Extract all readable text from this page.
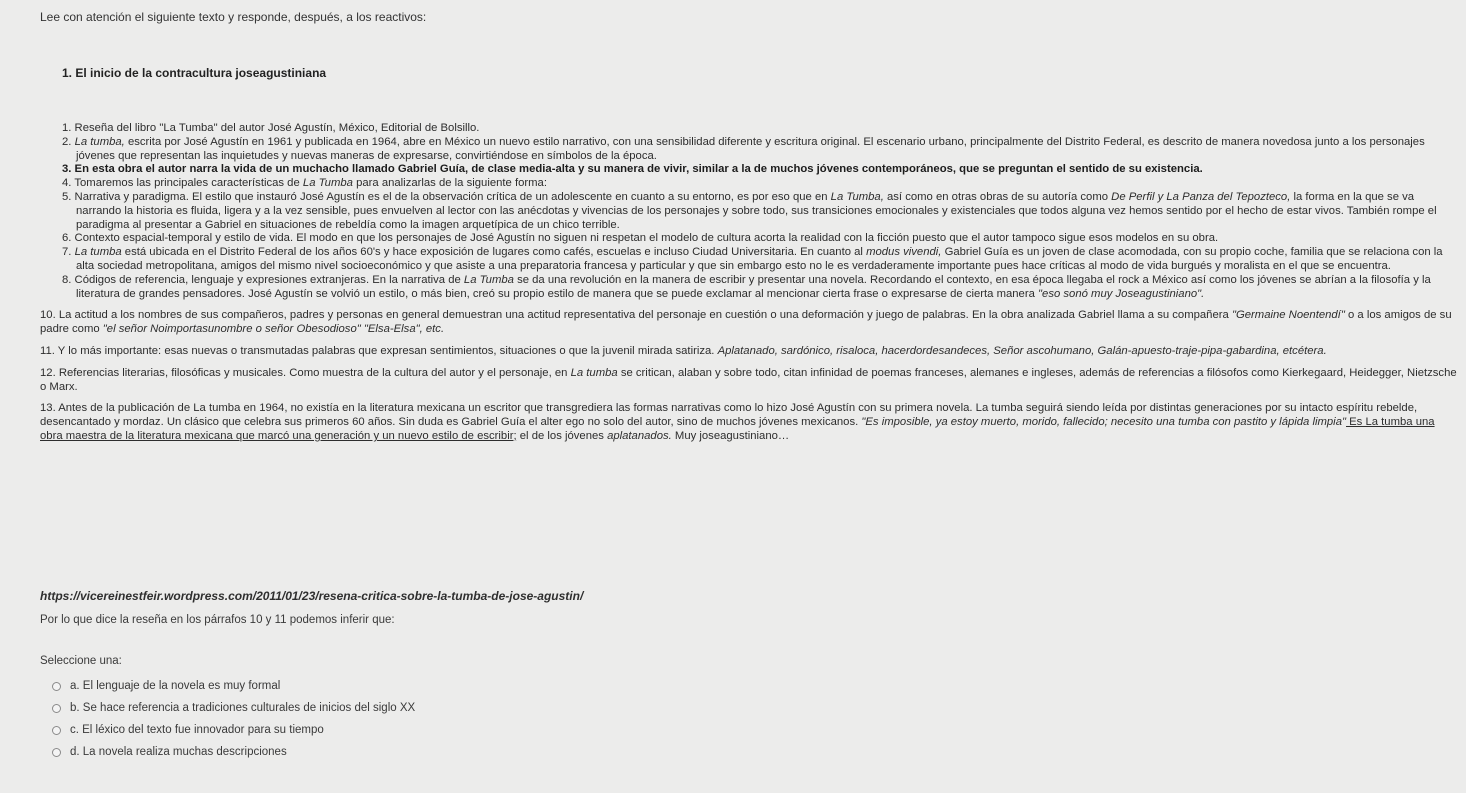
Lee con atención el siguiente texto y responde, después, a los reactivos:
1. El inicio de la contracultura joseagustiniana

1. Reseña del libro "La Tumba" del autor José Agustín, México, Editorial de Bolsillo.

2. La tumba, escrita por José Agustín en 1961 y publicada en 1964, abre en México un nuevo estilo narrativo, con una sensibilidad diferente y escritura original. El escenario urbano, principalmente del Distrito Federal, es descrito de manera novedosa junto a los personajes jóvenes que representan las inquietudes y nuevas maneras de expresarse, convirtiéndose en símbolos de la época.

3. En esta obra el autor narra la vida de un muchacho llamado Gabriel Guía, de clase media-alta y su manera de vivir, similar a la de muchos jóvenes contemporáneos, que se preguntan el sentido de su existencia.

4. Tomaremos las principales características de La Tumba para analizarlas de la siguiente forma:

5. Narrativa y paradigma. El estilo que instauró José Agustín es el de la observación crítica de un adolescente en cuanto a su entorno, es por eso que en La Tumba, así como en otras obras de su autoría como De Perfil y La Panza del Tepozteco, la forma en la que se va narrando la historia es fluida, ligera y a la vez sensible, pues envuelven al lector con las anécdotas y vivencias de los personajes y sobre todo, sus transiciones emocionales y existenciales que todos alguna vez hemos sentido por el hecho de estar vivos. También rompe el paradigma al presentar a Gabriel en situaciones de rebeldía como la imagen arquetípica de un chico terrible.

6. Contexto espacial-temporal y estilo de vida. El modo en que los personajes de José Agustín no siguen ni respetan el modelo de cultura acorta la realidad con la ficción puesto que el autor tampoco sigue esos modelos en su obra.

7. La tumba está ubicada en el Distrito Federal de los años 60's y hace exposición de lugares como cafés, escuelas e incluso Ciudad Universitaria. En cuanto al modus vivendi, Gabriel Guía es un joven de clase acomodada, con su propio coche, familia que se relaciona con la alta sociedad metropolitana, amigos del mismo nivel socioeconómico y que asiste a una preparatoria francesa y particular y que sin embargo esto no le es verdaderamente importante pues hace críticas al modo de vida burgués y moralista en el que se encuentra.

8. Códigos de referencia, lenguaje y expresiones extranjeras. En la narrativa de La Tumba se da una revolución en la manera de escribir y presentar una novela. Recordando el contexto, en esa época llegaba el rock a México así como los jóvenes se abrían a la filosofía y la literatura de grandes pensadores. José Agustín se volvió un estilo, o más bien, creó su propio estilo de manera que se puede exclamar al mencionar cierta frase o expresarse de cierta manera "eso sonó muy Joseagustiniano".

10. La actitud a los nombres de sus compañeros, padres y personas en general demuestran una actitud representativa del personaje en cuestión o una deformación y juego de palabras. En la obra analizada Gabriel llama a su compañera "Germaine Noentendí" o a los amigos de su padre como "el señor Noimportasunombre o señor Obesodioso" "Elsa-Elsa", etc.

11. Y lo más importante: esas nuevas o transmutadas palabras que expresan sentimientos, situaciones o que la juvenil mirada satiriza. Aplatanado, sardónico, risaloca, hacerdordesandeces, Señor ascohumano, Galán-apuesto-traje-pipa-gabardina, etcétera.

12. Referencias literarias, filosóficas y musicales. Como muestra de la cultura del autor y el personaje, en La tumba se critican, alaban y sobre todo, citan infinidad de poemas franceses, alemanes e ingleses, además de referencias a filósofos como Kierkegaard, Heidegger, Nietzsche o Marx.

13. Antes de la publicación de La tumba en 1964, no existía en la literatura mexicana un escritor que transgrediera las formas narrativas como lo hizo José Agustín con su primera novela. La tumba seguirá siendo leída por distintas generaciones por su intacto espíritu rebelde, desencantado y mordaz. Un clásico que celebra sus primeros 60 años. Sin duda es Gabriel Guía el alter ego no solo del autor, sino de muchos jóvenes mexicanos. "Es imposible, ya estoy muerto, morido, fallecido; necesito una tumba con pastito y lápida limpia" Es La tumba una obra maestra de la literatura mexicana que marcó una generación y un nuevo estilo de escribir; el de los jóvenes aplatanados. Muy joseagustiniano…

https://vicereinestfeir.wordpress.com/2011/01/23/resena-critica-sobre-la-tumba-de-jose-agustin/
Por lo que dice la reseña en los párrafos 10 y 11 podemos inferir que:
Seleccione una:
a. El lenguaje de la novela es muy formal
b. Se hace referencia a tradiciones culturales de inicios del siglo XX
c. El léxico del texto fue innovador para su tiempo
d. La novela realiza muchas descripciones
